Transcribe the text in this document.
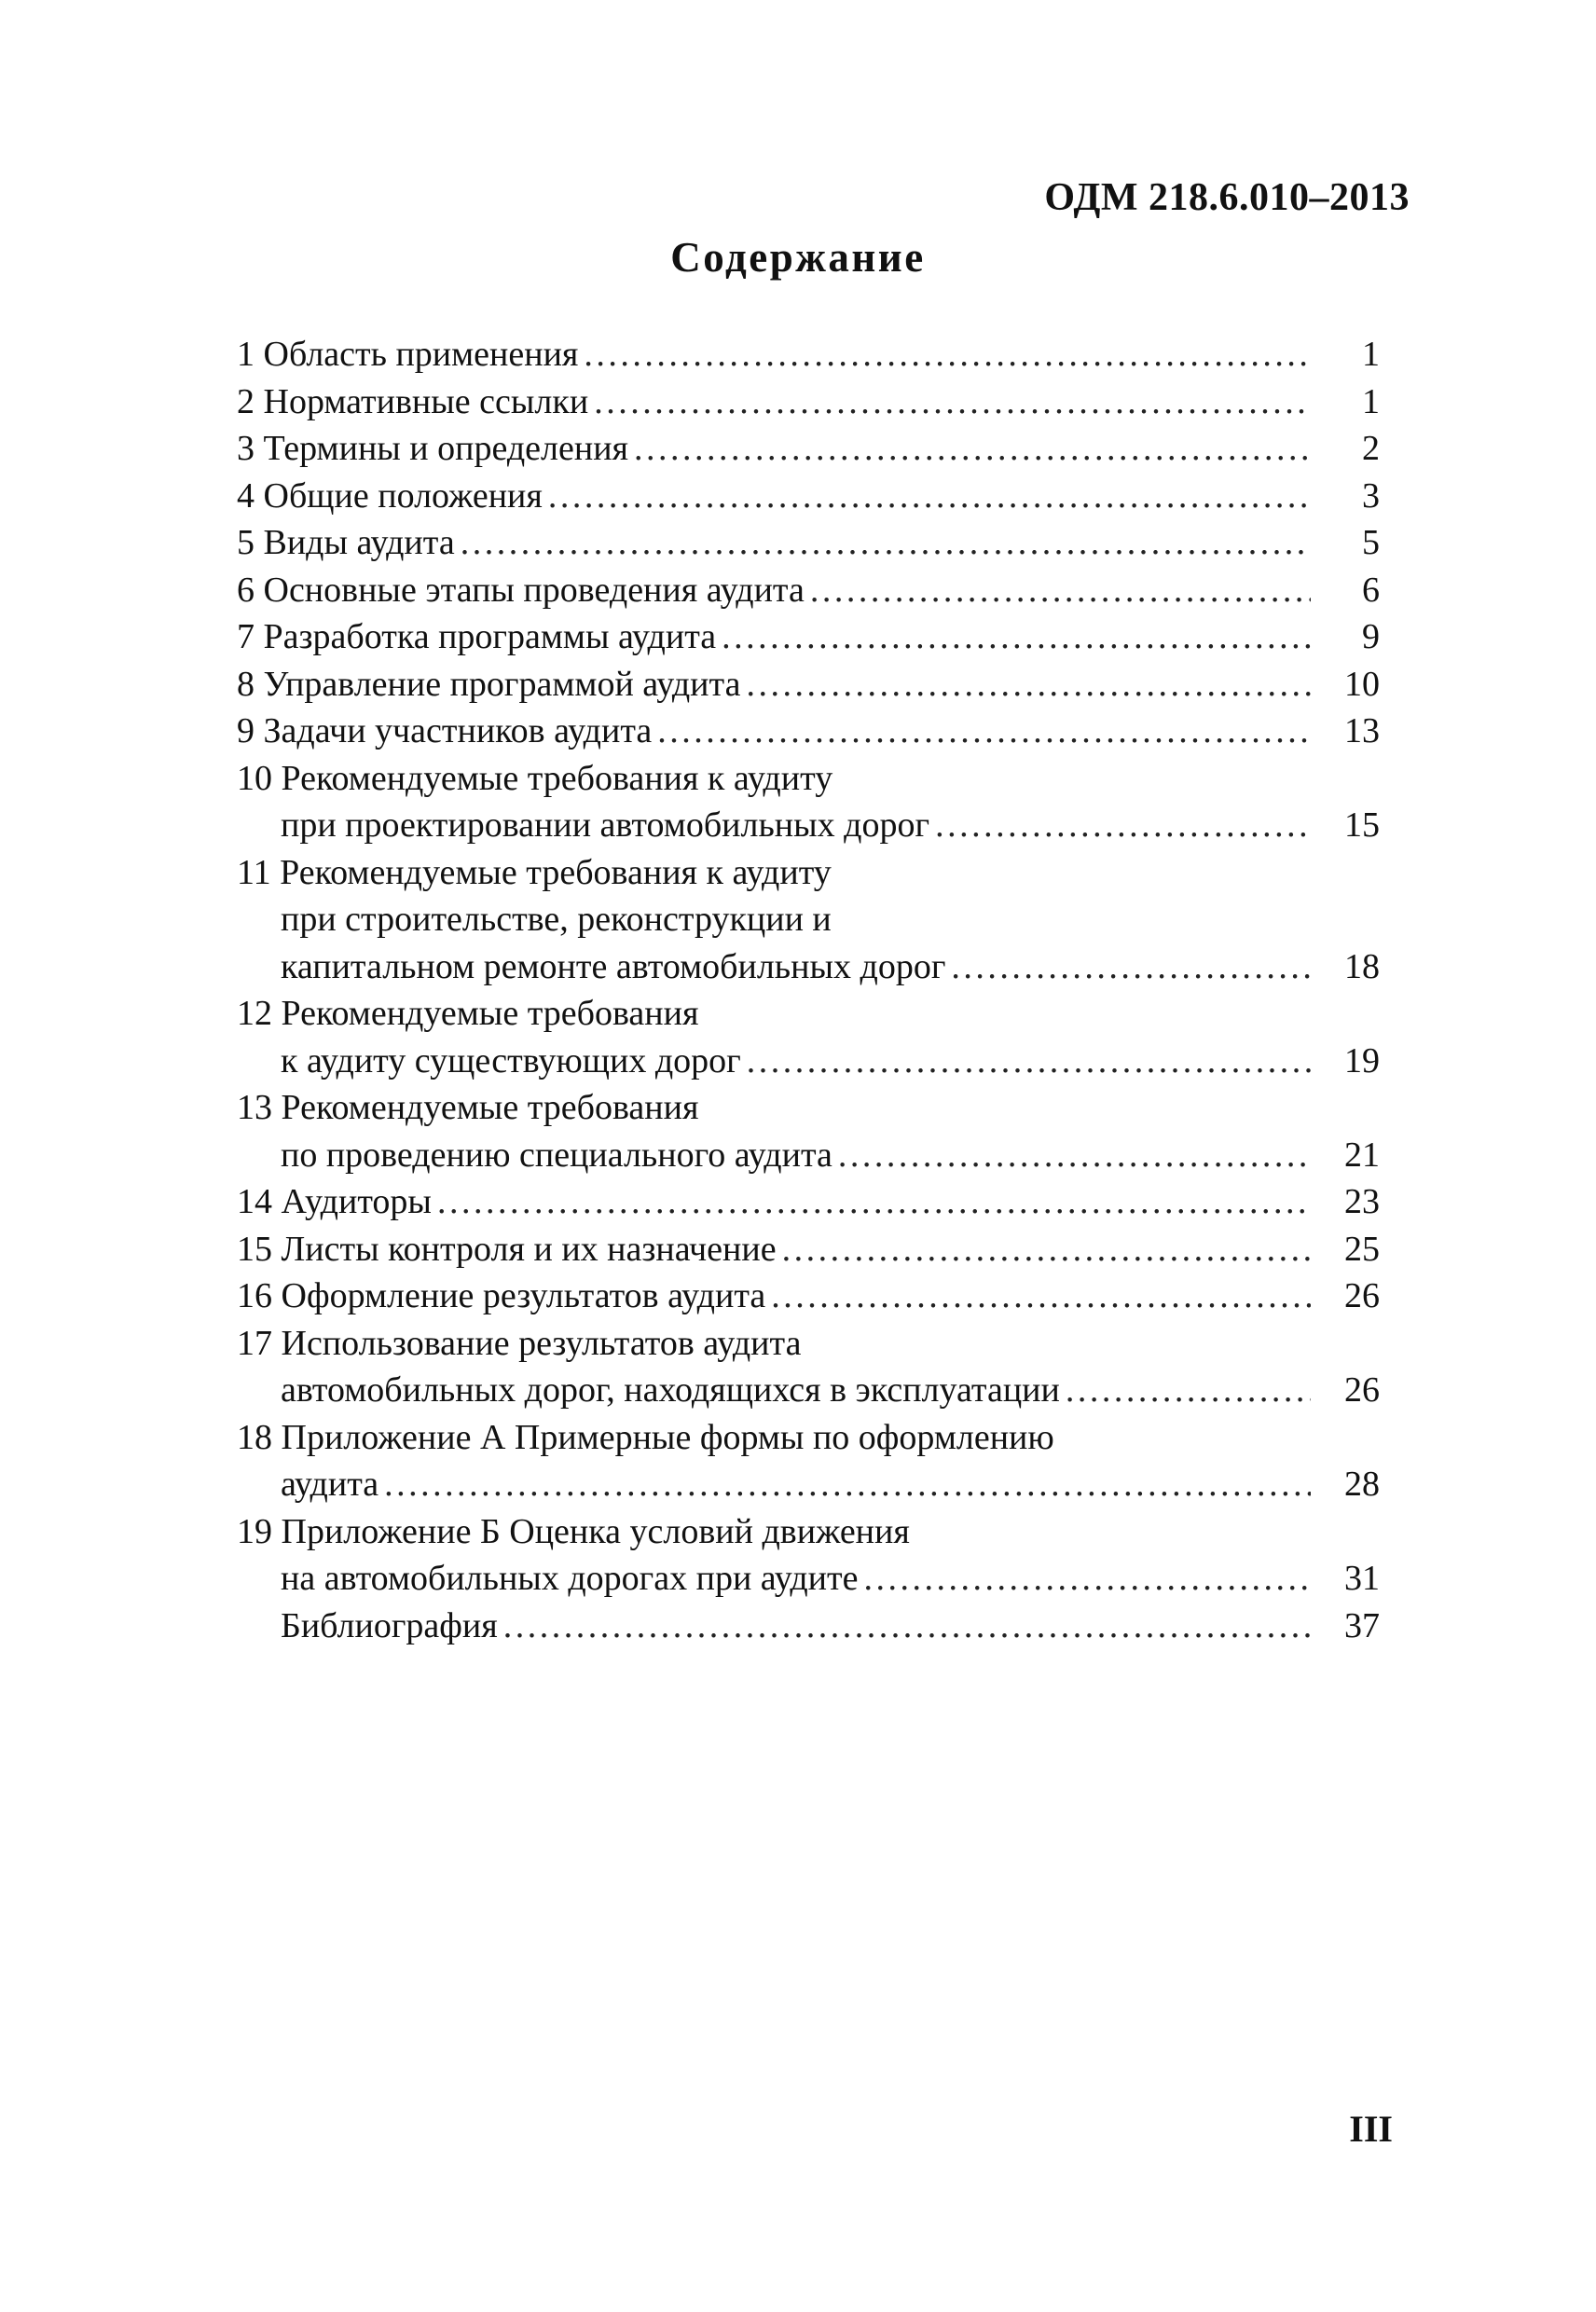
ОДМ 218.6.010–2013
Содержание
1 Область применения . . .	1
2 Нормативные ссылки . . .	1
3 Термины и определения . . .	2
4 Общие положения . . .	3
5 Виды аудита . . .	5
6 Основные этапы проведения аудита . . .	6
7 Разработка программы аудита . . .	9
8 Управление программой аудита . . .	10
9 Задачи участников аудита . . .	13
10 Рекомендуемые требования к аудиту
при проектировании автомобильных дорог . . .	15
11 Рекомендуемые требования к аудиту
при строительстве, реконструкции и
капитальном ремонте автомобильных дорог . . .	18
12 Рекомендуемые требования
к аудиту существующих дорог . . .	19
13 Рекомендуемые требования
по проведению специального аудита . . .	21
14 Аудиторы . . .	23
15 Листы контроля и их назначение . . .	25
16 Оформление результатов аудита . . .	26
17 Использование результатов аудита
автомобильных дорог, находящихся в эксплуатации . . .	26
18 Приложение А Примерные формы по оформлению
аудита . . .	28
19 Приложение Б Оценка условий движения
на автомобильных дорогах при аудите . . .	31
Библиография . . .	37
III
